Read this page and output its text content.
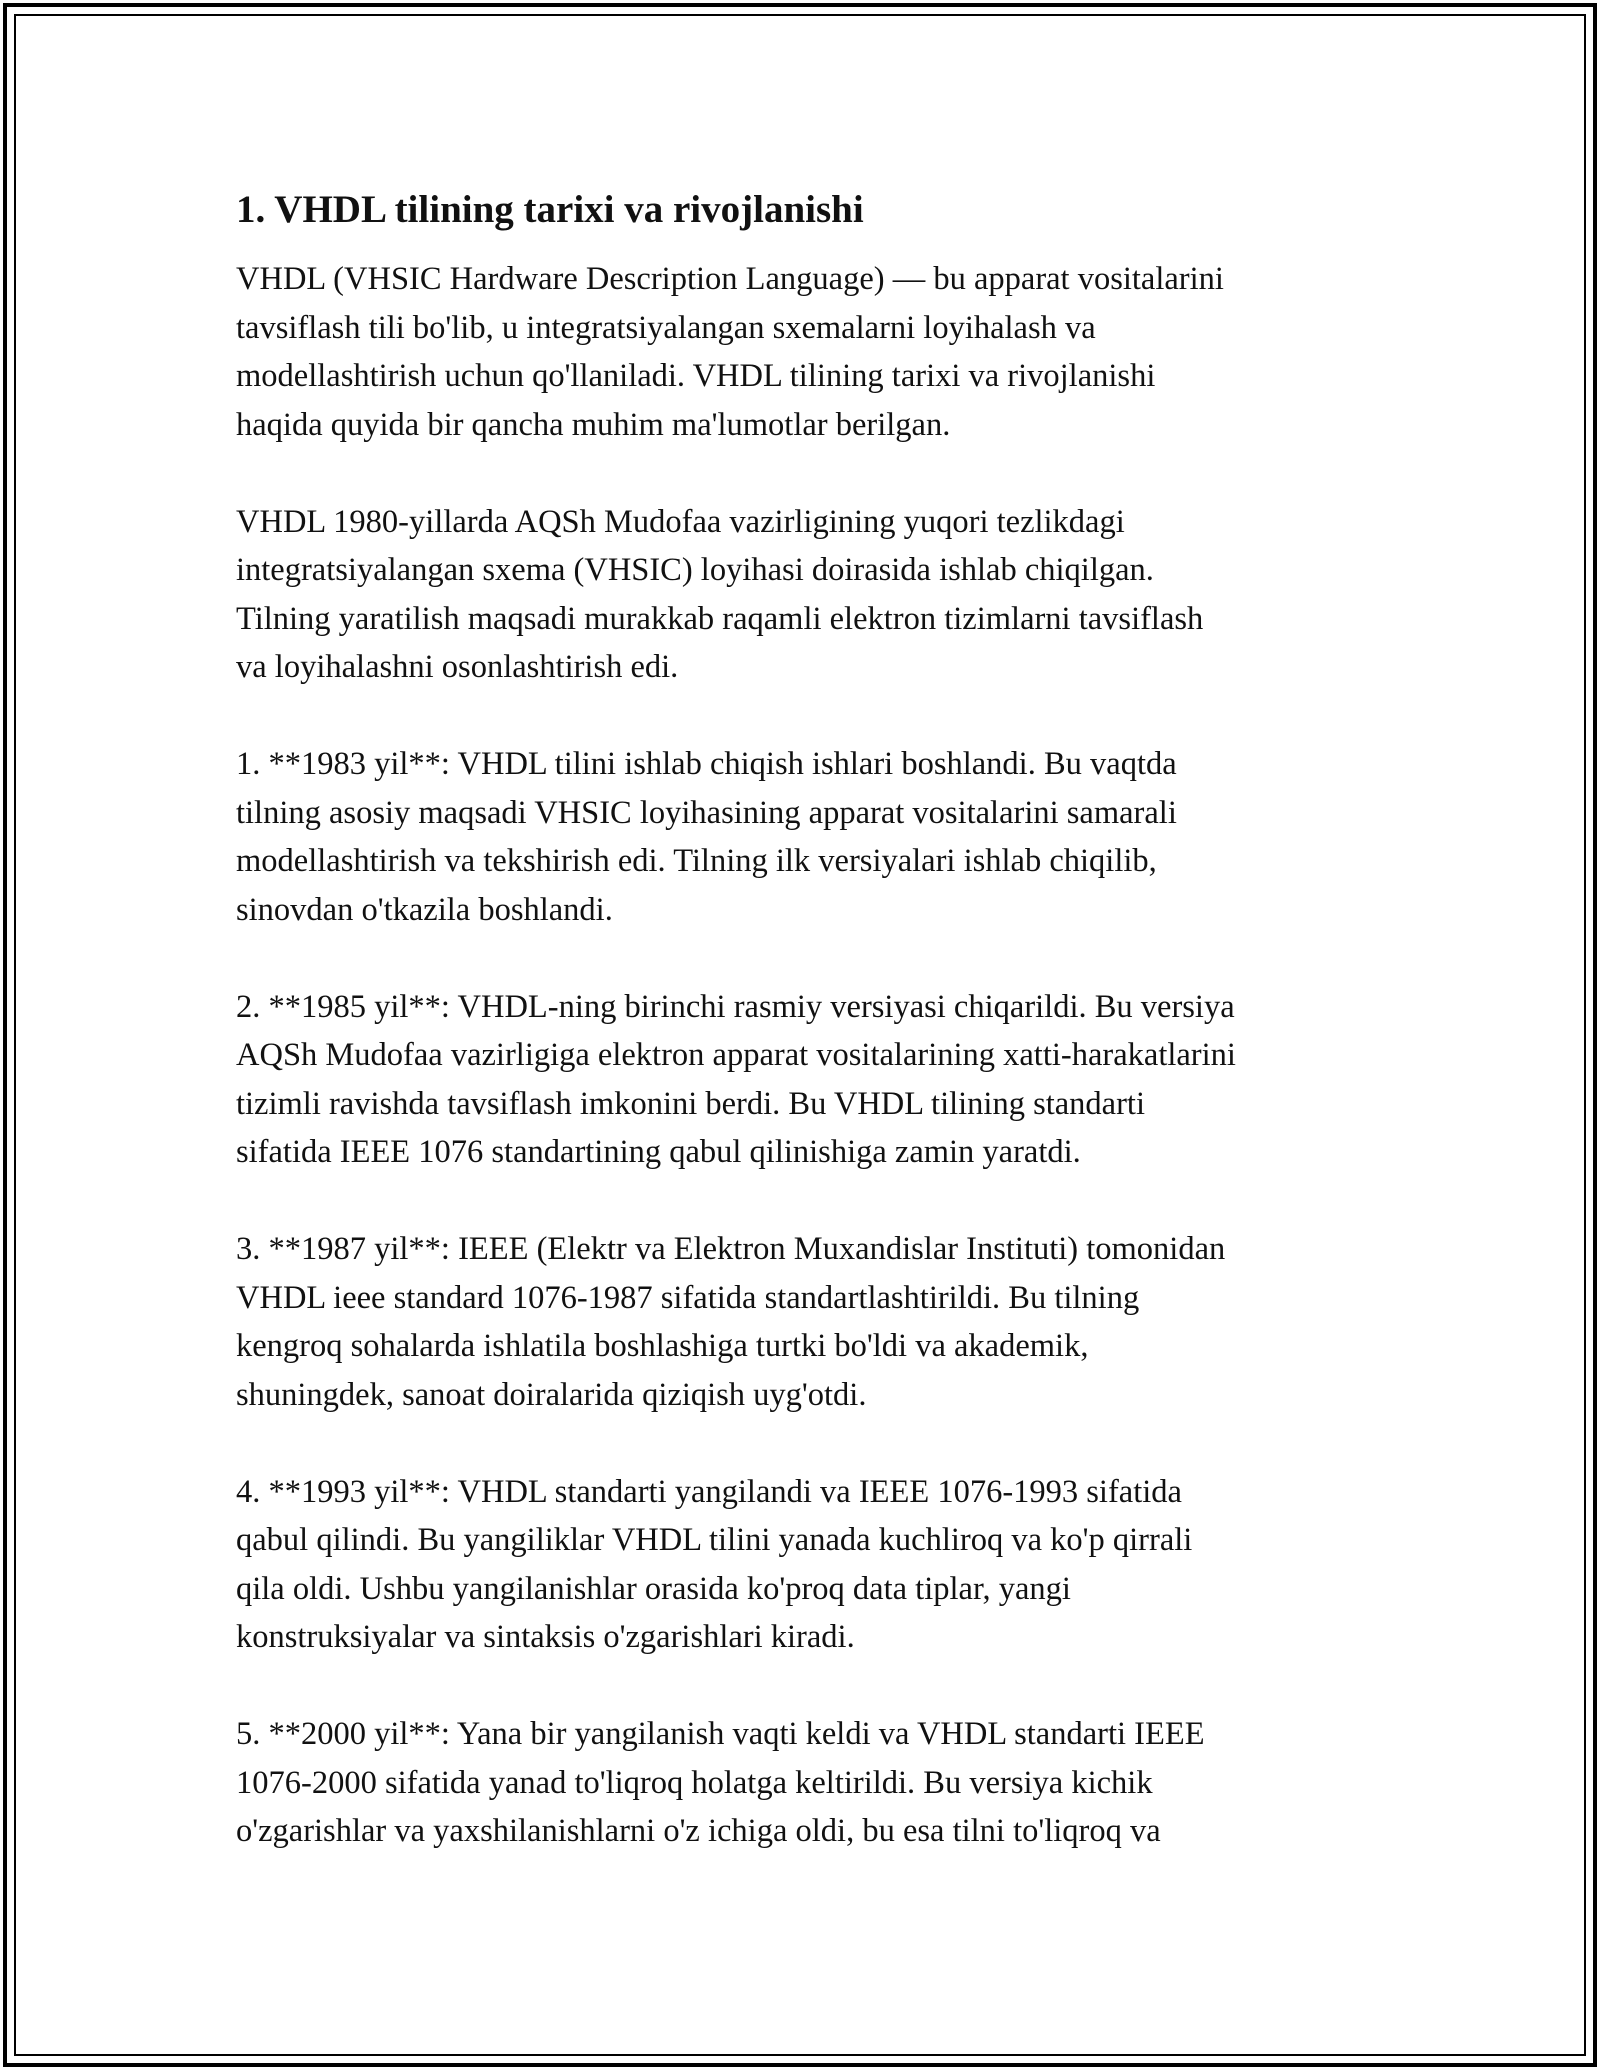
1. VHDL tilining tarixi va rivojlanishi

VHDL (VHSIC Hardware Description Language) — bu apparat vositalarini
tavsiflash tili bo'lib, u integratsiyalangan sxemalarni loyihalash va
modellashtirish uchun qo'llaniladi. VHDL tilining tarixi va rivojlanishi
haqida quyida bir qancha muhim ma'lumotlar berilgan.

VHDL 1980-yillarda AQSh Mudofaa vazirligining yuqori tezlikdagi
integratsiyalangan sxema (VHSIC) loyihasi doirasida ishlab chiqilgan.
Tilning yaratilish maqsadi murakkab raqamli elektron tizimlarni tavsiflash
va loyihalashni osonlashtirish edi.

1. **1983 yil**: VHDL tilini ishlab chiqish ishlari boshlandi. Bu vaqtda
tilning asosiy maqsadi VHSIC loyihasining apparat vositalarini samarali
modellashtirish va tekshirish edi. Tilning ilk versiyalari ishlab chiqilib,
sinovdan o'tkazila boshlandi.

2. **1985 yil**: VHDL-ning birinchi rasmiy versiyasi chiqarildi. Bu versiya
AQSh Mudofaa vazirligiga elektron apparat vositalarining xatti-harakatlarini
tizimli ravishda tavsiflash imkonini berdi. Bu VHDL tilining standarti
sifatida IEEE 1076 standartining qabul qilinishiga zamin yaratdi.

3. **1987 yil**: IEEE (Elektr va Elektron Muxandislar Instituti) tomonidan
VHDL ieee standard 1076-1987 sifatida standartlashtirildi. Bu tilning
kengroq sohalarda ishlatila boshlashiga turtki bo'ldi va akademik,
shuningdek, sanoat doiralarida qiziqish uyg'otdi.

4. **1993 yil**: VHDL standarti yangilandi va IEEE 1076-1993 sifatida
qabul qilindi. Bu yangiliklar VHDL tilini yanada kuchliroq va ko'p qirrali
qila oldi. Ushbu yangilanishlar orasida ko'proq data tiplar, yangi
konstruksiyalar va sintaksis o'zgarishlari kiradi.

5. **2000 yil**: Yana bir yangilanish vaqti keldi va VHDL standarti IEEE
1076-2000 sifatida yanad to'liqroq holatga keltirildi. Bu versiya kichik
o'zgarishlar va yaxshilanishlarni o'z ichiga oldi, bu esa tilni to'liqroq va
